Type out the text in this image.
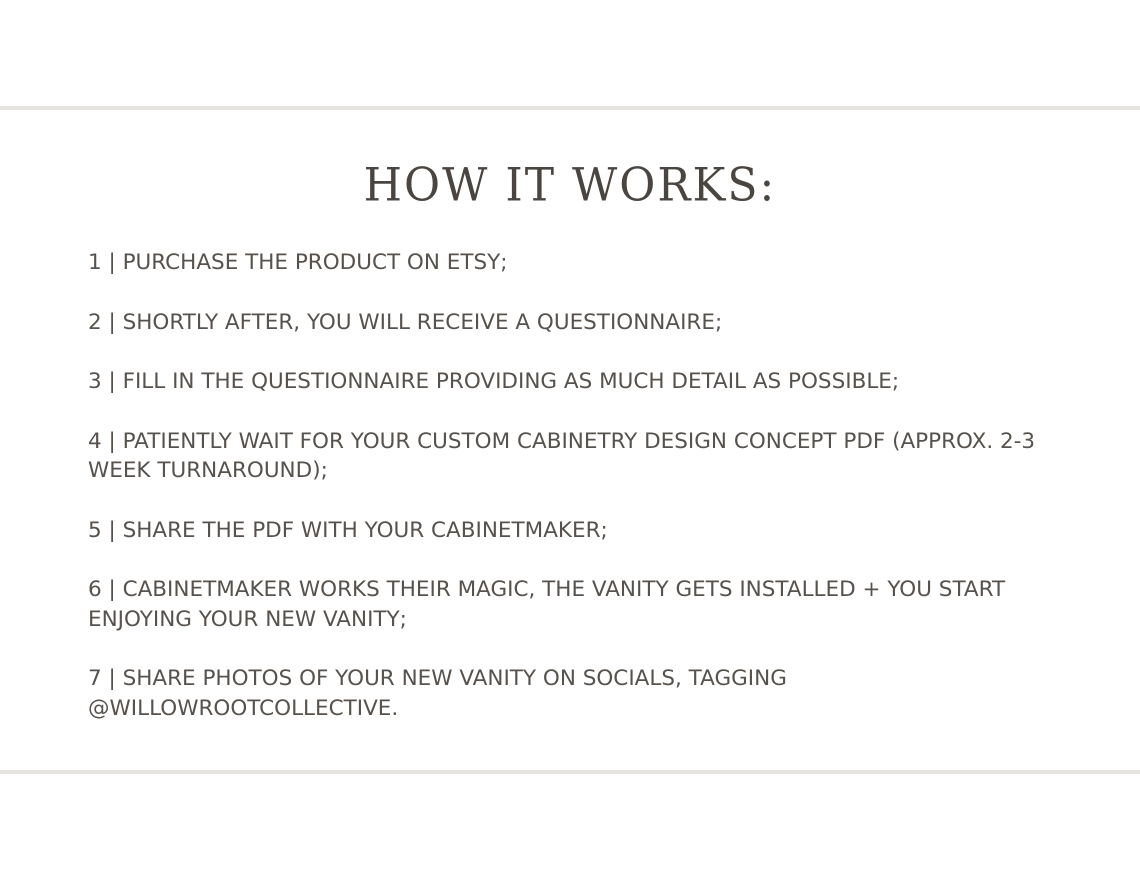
HOW IT WORKS:
1 | PURCHASE THE PRODUCT ON ETSY;
2 | SHORTLY AFTER, YOU WILL RECEIVE A QUESTIONNAIRE;
3 | FILL IN THE QUESTIONNAIRE PROVIDING AS MUCH DETAIL AS POSSIBLE;
4 | PATIENTLY WAIT FOR YOUR CUSTOM CABINETRY DESIGN CONCEPT PDF (APPROX. 2-3 WEEK TURNAROUND);
5 | SHARE THE PDF WITH YOUR CABINETMAKER;
6 | CABINETMAKER WORKS THEIR MAGIC, THE VANITY GETS INSTALLED + YOU START ENJOYING YOUR NEW VANITY;
7 | SHARE PHOTOS OF YOUR NEW VANITY ON SOCIALS, TAGGING @WILLOWROOTCOLLECTIVE.
